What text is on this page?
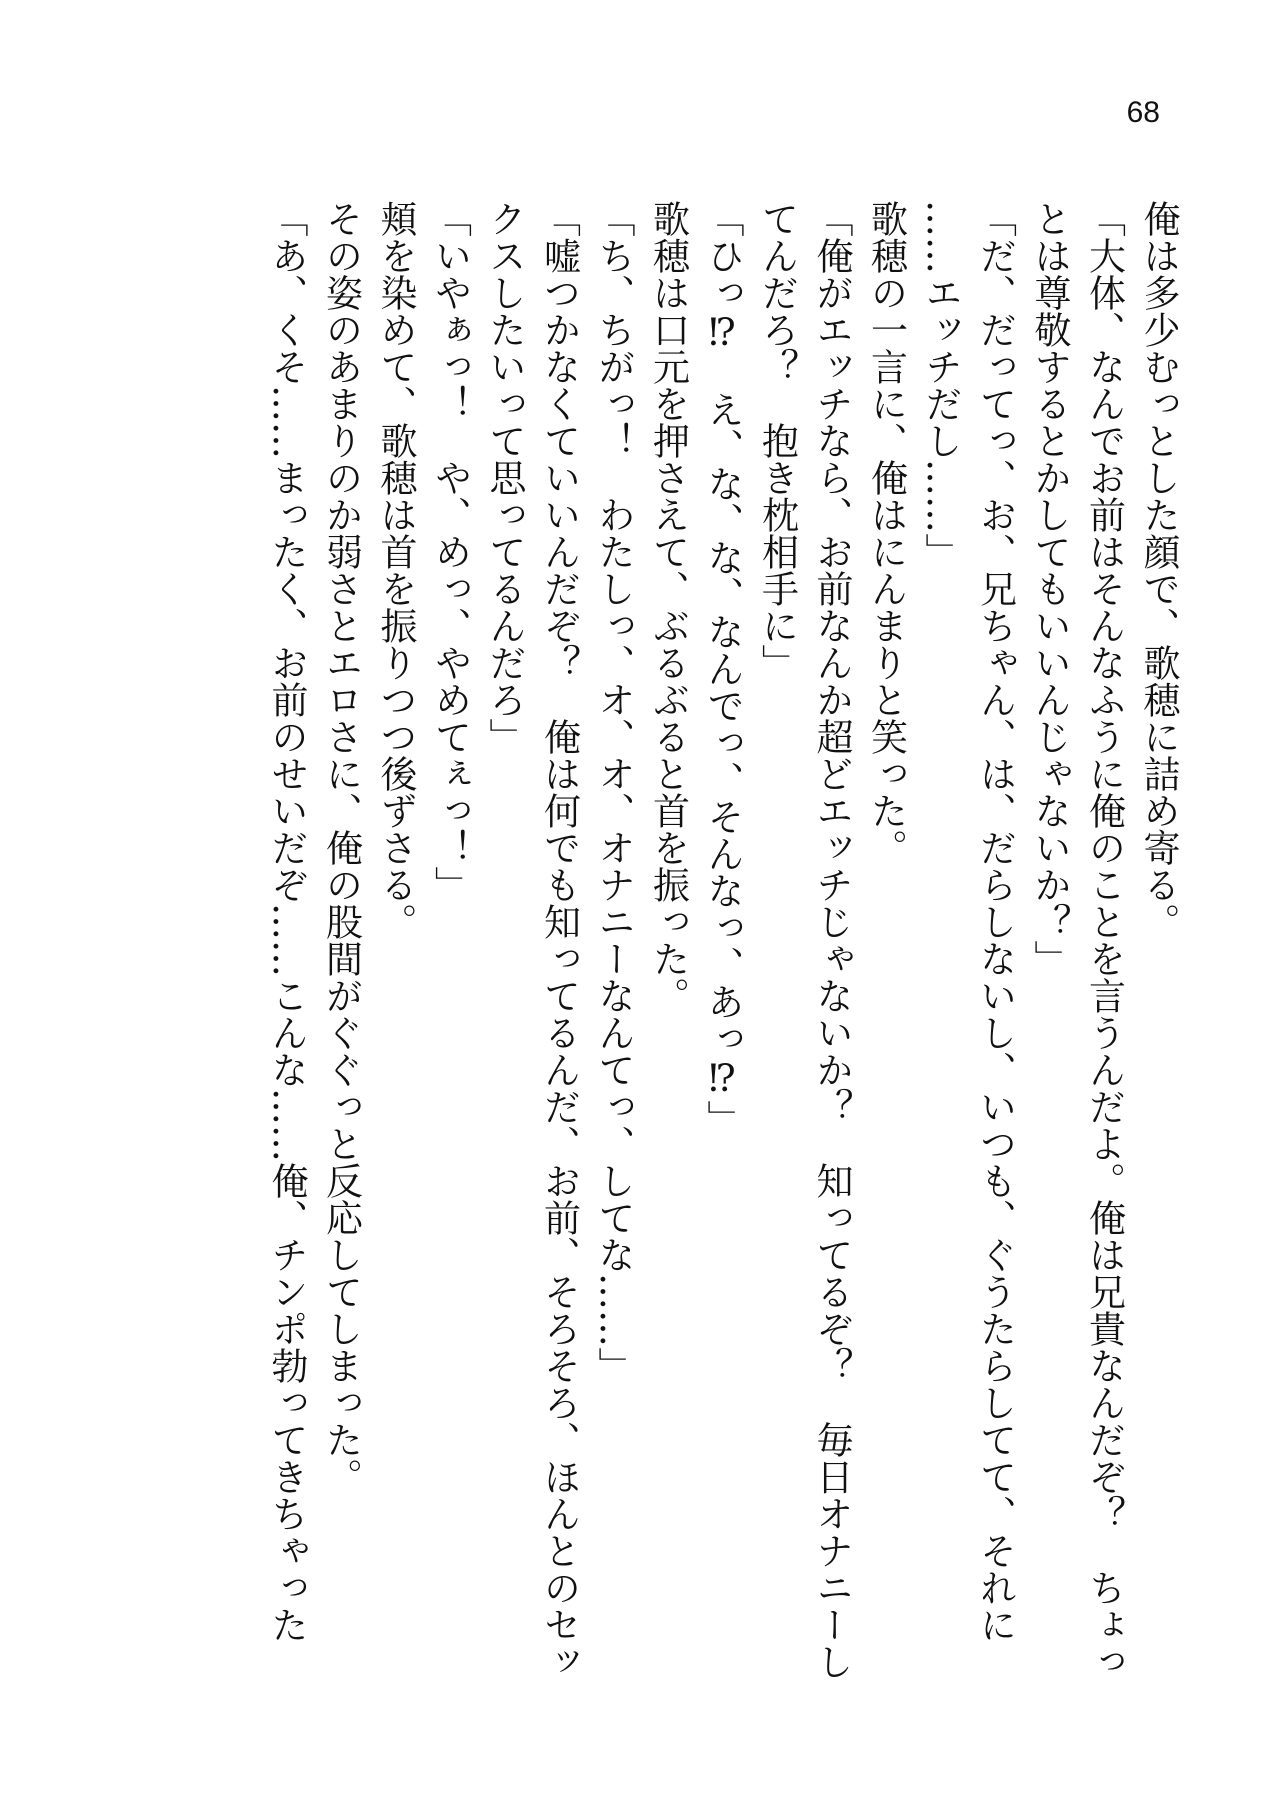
68
俺は多少むっとした顔で、歌穂に詰め寄る。
「大体、なんでお前はそんなふうに俺のことを言うんだよ。俺は兄貴なんだぞ？　ちょっ
とは尊敬するとかしてもいいんじゃないか？」
「だ、だってっ、お、兄ちゃん、は、だらしないし、いつも、ぐうたらしてて、それに
……エッチだし……」
歌穂の一言に、俺はにんまりと笑った。
「俺がエッチなら、お前なんか超どエッチじゃないか？　知ってるぞ？　毎日オナニーし
てんだろ？　抱き枕相手に」
「ひっ⁉　え、な、な、なんでっ、そんなっ、あっ⁉」
歌穂は口元を押さえて、ぶるぶると首を振った。
「ち、ちがっ！　わたしっ、オ、オ、オナニーなんてっ、してな……」
「嘘つかなくていいんだぞ？　俺は何でも知ってるんだ、お前、そろそろ、ほんとのセッ
クスしたいって思ってるんだろ」
「いやぁっ！　や、めっ、やめてぇっ！」
頬を染めて、歌穂は首を振りつつ後ずさる。
その姿のあまりのか弱さとエロさに、俺の股間がぐぐっと反応してしまった。
「あ、くそ……まったく、お前のせいだぞ……こんな……俺、チンポ勃ってきちゃった
